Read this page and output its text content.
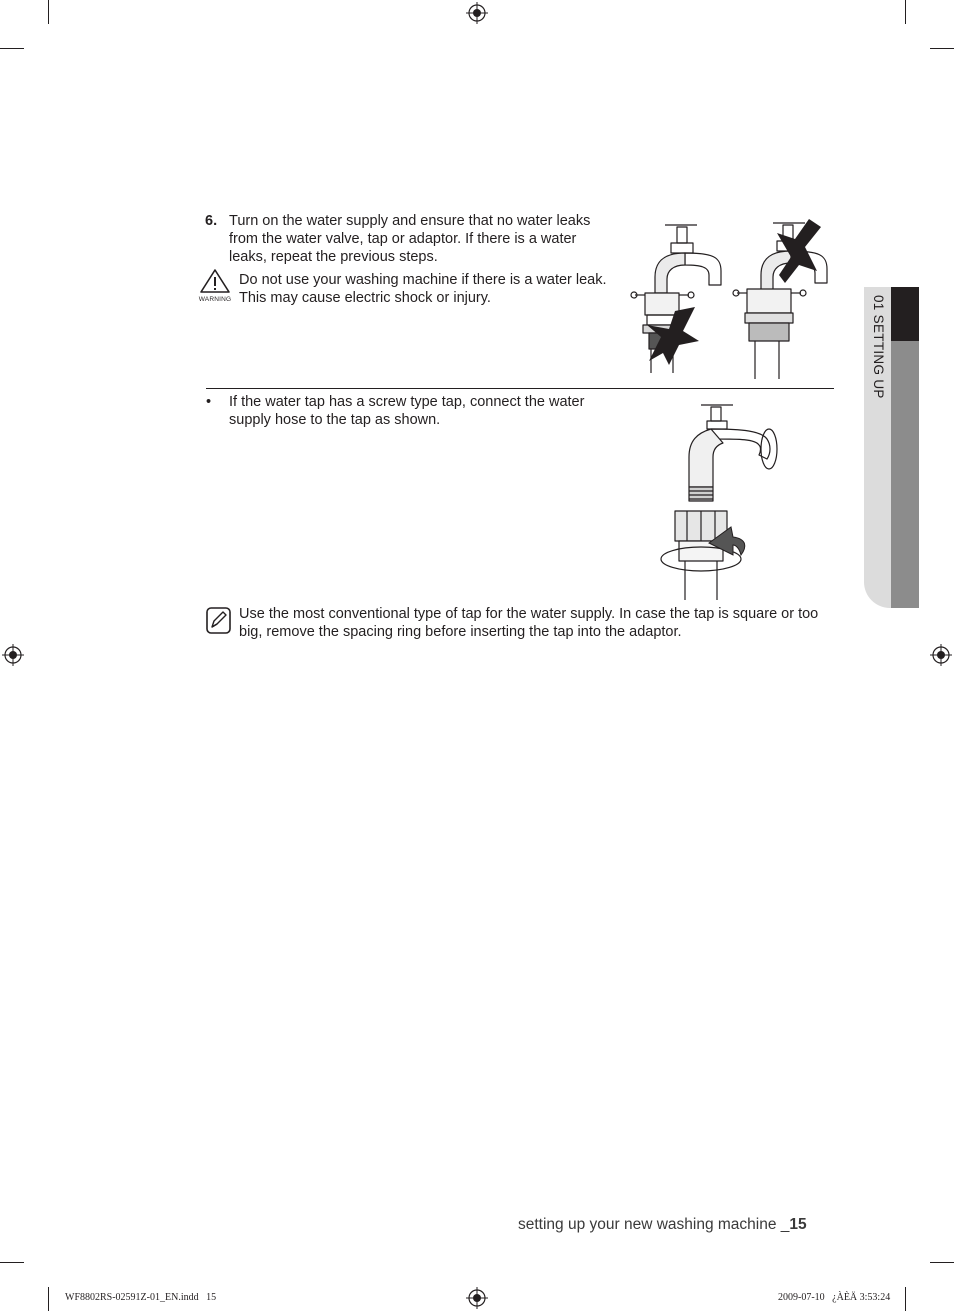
01 SETTING UP
6. Turn on the water supply and ensure that no water leaks from the water valve, tap or adaptor. If there is a water leaks, repeat the previous steps.
WARNING
Do not use your washing machine if there is a water leak. This may cause electric shock or injury.
• If the water tap has a screw type tap, connect the water supply hose to the tap as shown.
Use the most conventional type of tap for the water supply. In case the tap is square or too big, remove the spacing ring before inserting the tap into the adaptor.
setting up your new washing machine _15
WF8802RS-02591Z-01_EN.indd   15	2009-07-10   ¿ÀÈÄ 3:53:24
